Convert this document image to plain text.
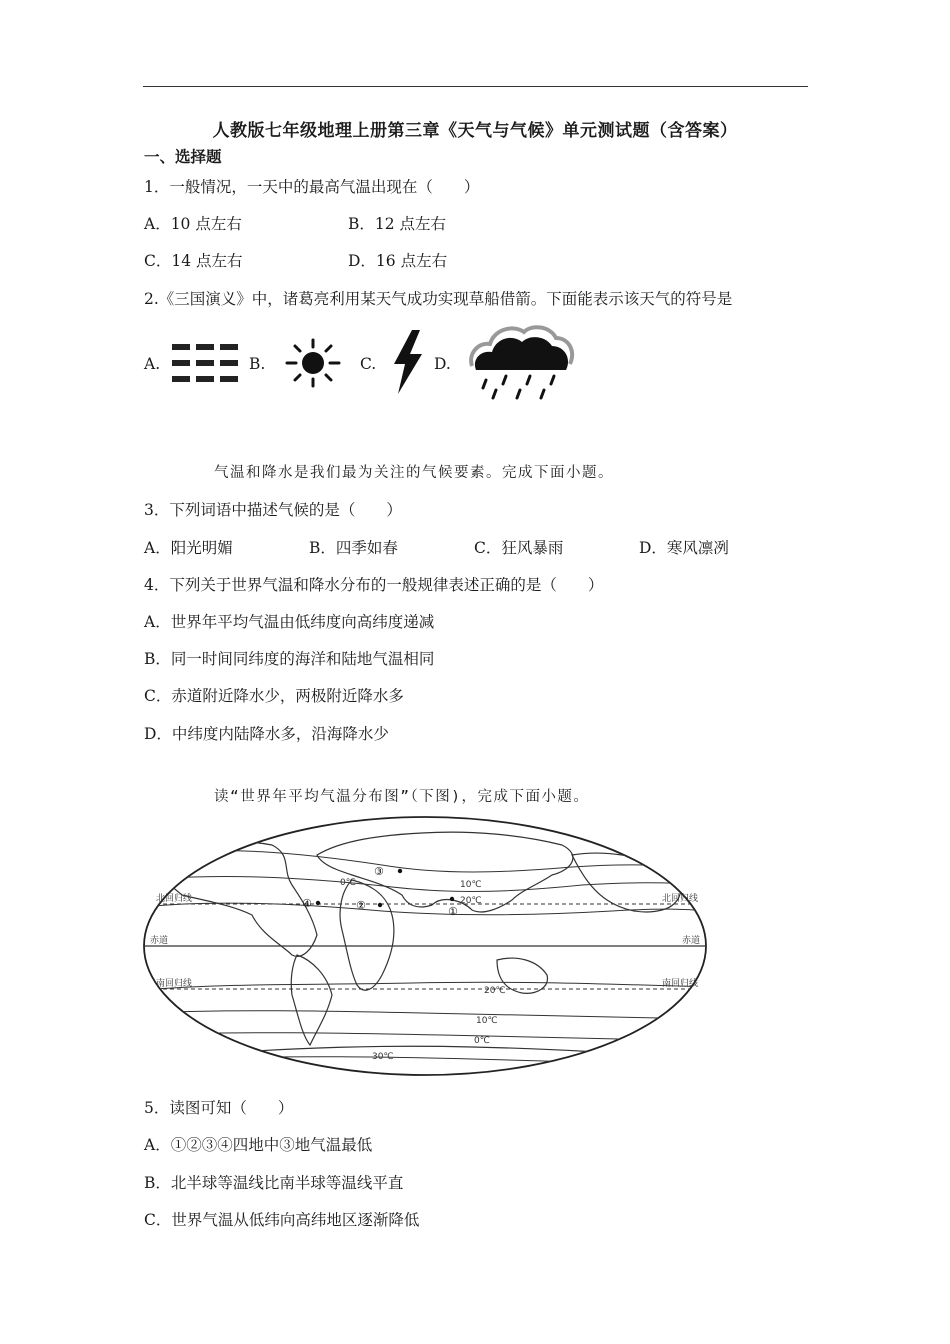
人教版七年级地理上册第三章《天气与气候》单元测试题（含答案）
一、选择题
1．一般情况，一天中的最高气温出现在（　　）
A．10 点左右	B．12 点左右
C．14 点左右	D．16 点左右
2.《三国演义》中，诸葛亮利用某天气成功实现草船借箭。下面能表示该天气的符号是
A.	B.	C.	D.
气温和降水是我们最为关注的气候要素。完成下面小题。
3．下列词语中描述气候的是（　　）
A．阳光明媚	B．四季如春	C．狂风暴雨	D．寒风凛冽
4．下列关于世界气温和降水分布的一般规律表述正确的是（　　）
A．世界年平均气温由低纬度向高纬度递减
B．同一时间同纬度的海洋和陆地气温相同
C．赤道附近降水少，两极附近降水多
D．中纬度内陆降水多，沿海降水少
读“世界年平均气温分布图”（下图)，完成下面小题。
北回归线	北回归线
赤道	赤道
南回归线	南回归线
0℃	10℃
20℃
20℃
10℃
0℃
30℃
①
②
③
④
5．读图可知（　　）
A．①②③④四地中③地气温最低
B．北半球等温线比南半球等温线平直
C．世界气温从低纬向高纬地区逐渐降低
